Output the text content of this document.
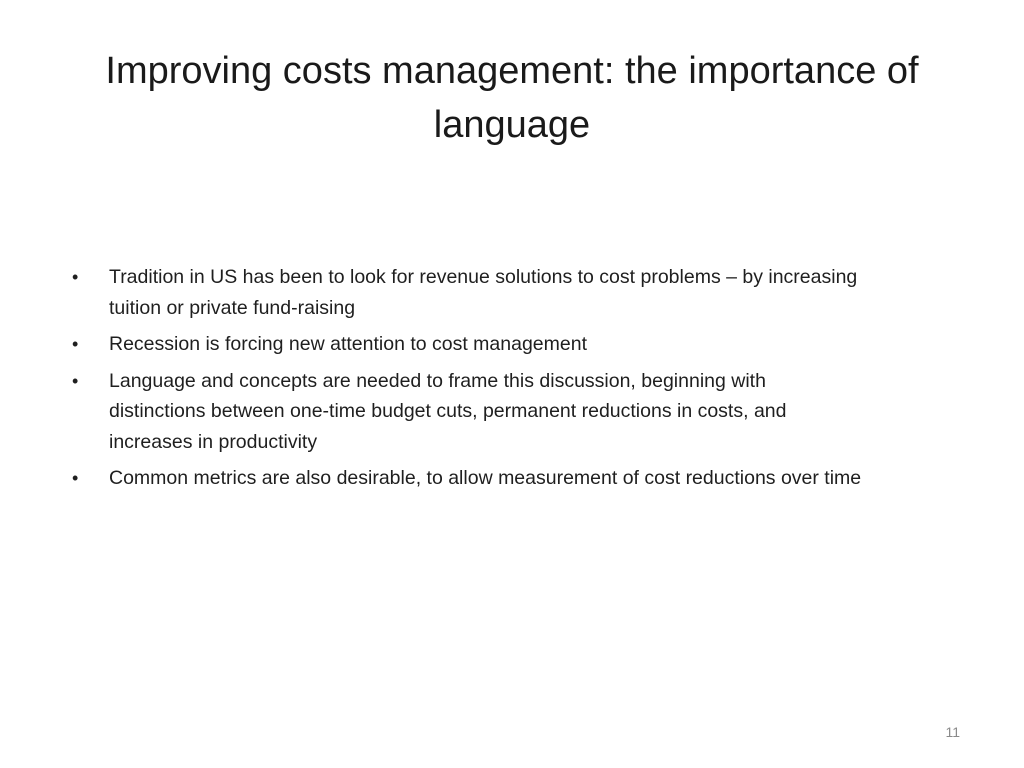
Improving costs management: the importance of language
•	Tradition in US has been to look for revenue solutions to cost problems – by increasing tuition or private fund-raising
•	Recession is forcing new attention to cost management
•	Language and concepts are needed to frame this discussion, beginning with distinctions between one-time budget cuts, permanent reductions in costs, and increases in productivity
•	Common metrics are also desirable, to allow measurement of cost reductions over time
11
